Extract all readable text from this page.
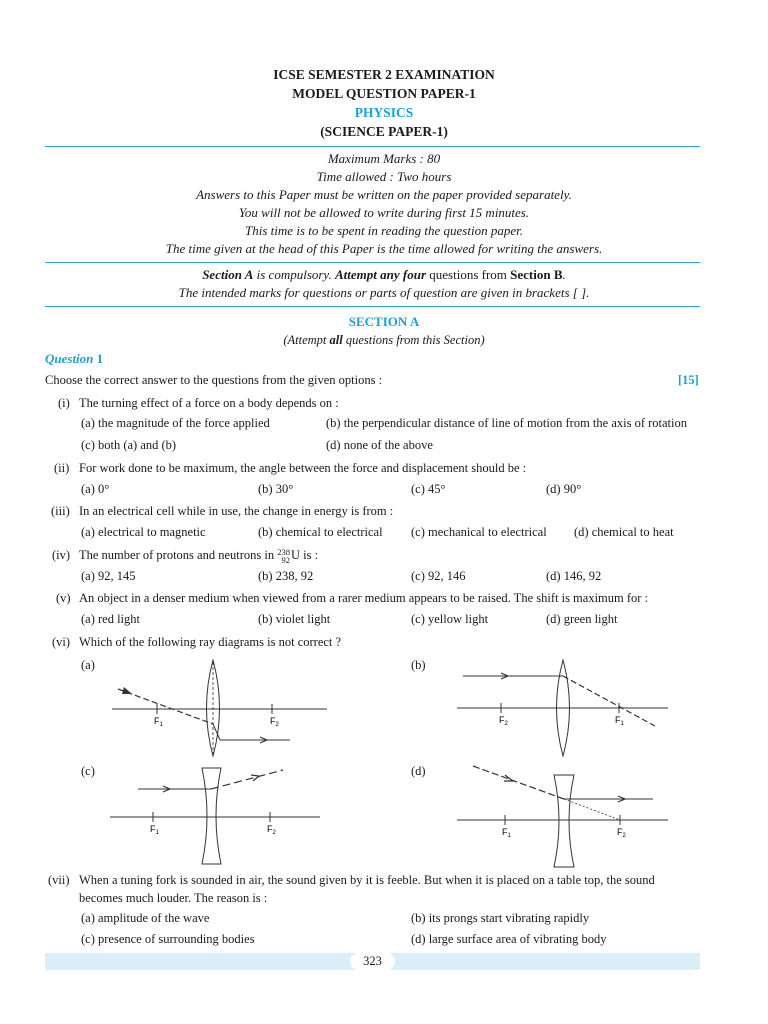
ICSE SEMESTER 2 EXAMINATION
MODEL QUESTION PAPER-1
PHYSICS
(SCIENCE PAPER-1)
Maximum Marks : 80
Time allowed : Two hours
Answers to this Paper must be written on the paper provided separately.
You will not be allowed to write during first 15 minutes.
This time is to be spent in reading the question paper.
The time given at the head of this Paper is the time allowed for writing the answers.
Section A is compulsory. Attempt any four questions from Section B.
The intended marks for questions or parts of question are given in brackets [ ].
SECTION A
(Attempt all questions from this Section)
Question 1
Choose the correct answer to the questions from the given options :	[15]
(i) The turning effect of a force on a body depends on :
(a) the magnitude of the force applied	(b) the perpendicular distance of line of motion from the axis of rotation
(c) both (a) and (b)	(d) none of the above
(ii) For work done to be maximum, the angle between the force and displacement should be :
(a) 0°	(b) 30°	(c) 45°	(d) 90°
(iii) In an electrical cell while in use, the change in energy is from :
(a) electrical to magnetic	(b) chemical to electrical (c) mechanical to electrical (d) chemical to heat
(iv) The number of protons and neutrons in 238
92 U is :
(a) 92, 145	(b) 238, 92	(c) 92, 146	(d) 146, 92
(v) An object in a denser medium when viewed from a rarer medium appears to be raised. The shift is maximum for :
(a) red light	(b) violet light	(c) yellow light	(d) green light
(vi) Which of the following ray diagrams is not correct ?
(a)	(b)
(c)	(d)
$F_1$	$F_2$	$F_2$	$F_1$
$F_1$	$F_2$	$F_1$	$F_2$
(vii) When a tuning fork is sounded in air, the sound given by it is feeble. But when it is placed on a table top, the sound
becomes much louder. The reason is :
(a) amplitude of the wave	(b) its prongs start vibrating rapidly
(c) presence of surrounding bodies	(d) large surface area of vibrating body
323
